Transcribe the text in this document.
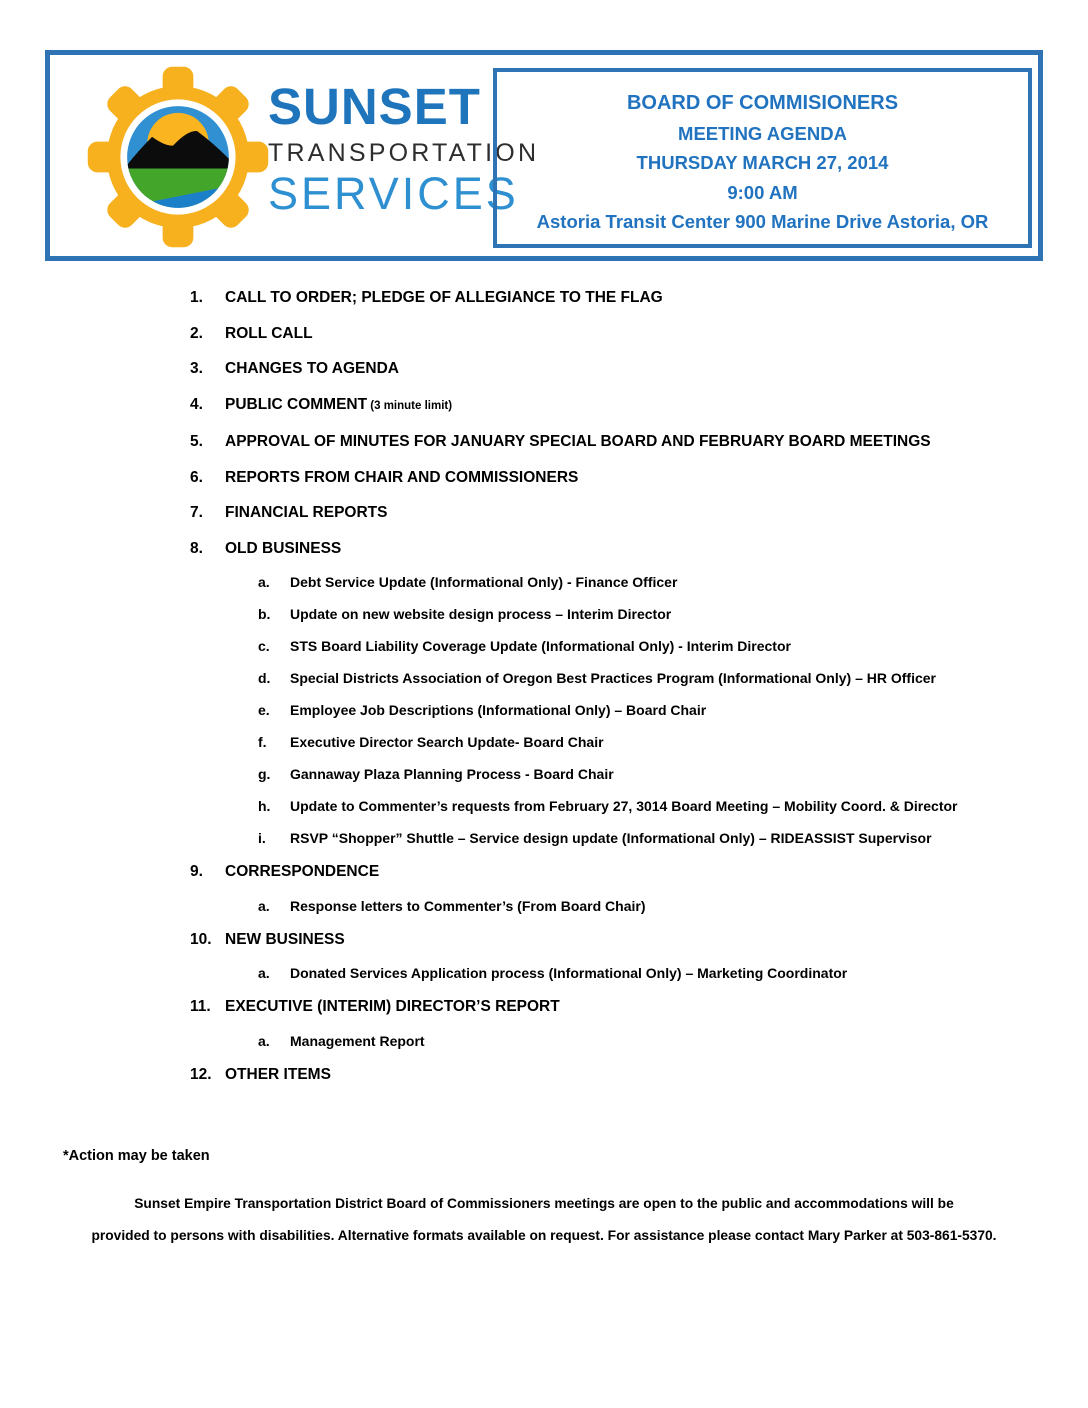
SUNSET
TRANSPORTATION
SERVICES
BOARD OF COMMISIONERS
MEETING AGENDA
THURSDAY MARCH 27, 2014
9:00 AM
Astoria Transit Center 900 Marine Drive Astoria, OR
1. CALL TO ORDER; PLEDGE OF ALLEGIANCE TO THE FLAG
2. ROLL CALL
3. CHANGES TO AGENDA
4. PUBLIC COMMENT (3 minute limit)
5. APPROVAL OF MINUTES FOR JANUARY SPECIAL BOARD AND FEBRUARY BOARD MEETINGS
6. REPORTS FROM CHAIR AND COMMISSIONERS
7. FINANCIAL REPORTS
8. OLD BUSINESS
a. Debt Service Update (Informational Only) - Finance Officer
b. Update on new website design process – Interim Director
c. STS Board Liability Coverage Update (Informational Only) - Interim Director
d. Special Districts Association of Oregon Best Practices Program (Informational Only) – HR Officer
e. Employee Job Descriptions (Informational Only) – Board Chair
f. Executive Director Search Update- Board Chair
g. Gannaway Plaza Planning Process - Board Chair
h. Update to Commenter’s requests from February 27, 3014 Board Meeting – Mobility Coord. & Director
i. RSVP “Shopper” Shuttle – Service design update (Informational Only) – RIDEASSIST Supervisor
9. CORRESPONDENCE
a. Response letters to Commenter’s (From Board Chair)
10. NEW BUSINESS
a. Donated Services Application process (Informational Only) – Marketing Coordinator
11. EXECUTIVE (INTERIM) DIRECTOR’S REPORT
a. Management Report
12. OTHER ITEMS
*Action may be taken
Sunset Empire Transportation District Board of Commissioners meetings are open to the public and accommodations will be
provided to persons with disabilities. Alternative formats available on request. For assistance please contact Mary Parker at 503-861-5370.
